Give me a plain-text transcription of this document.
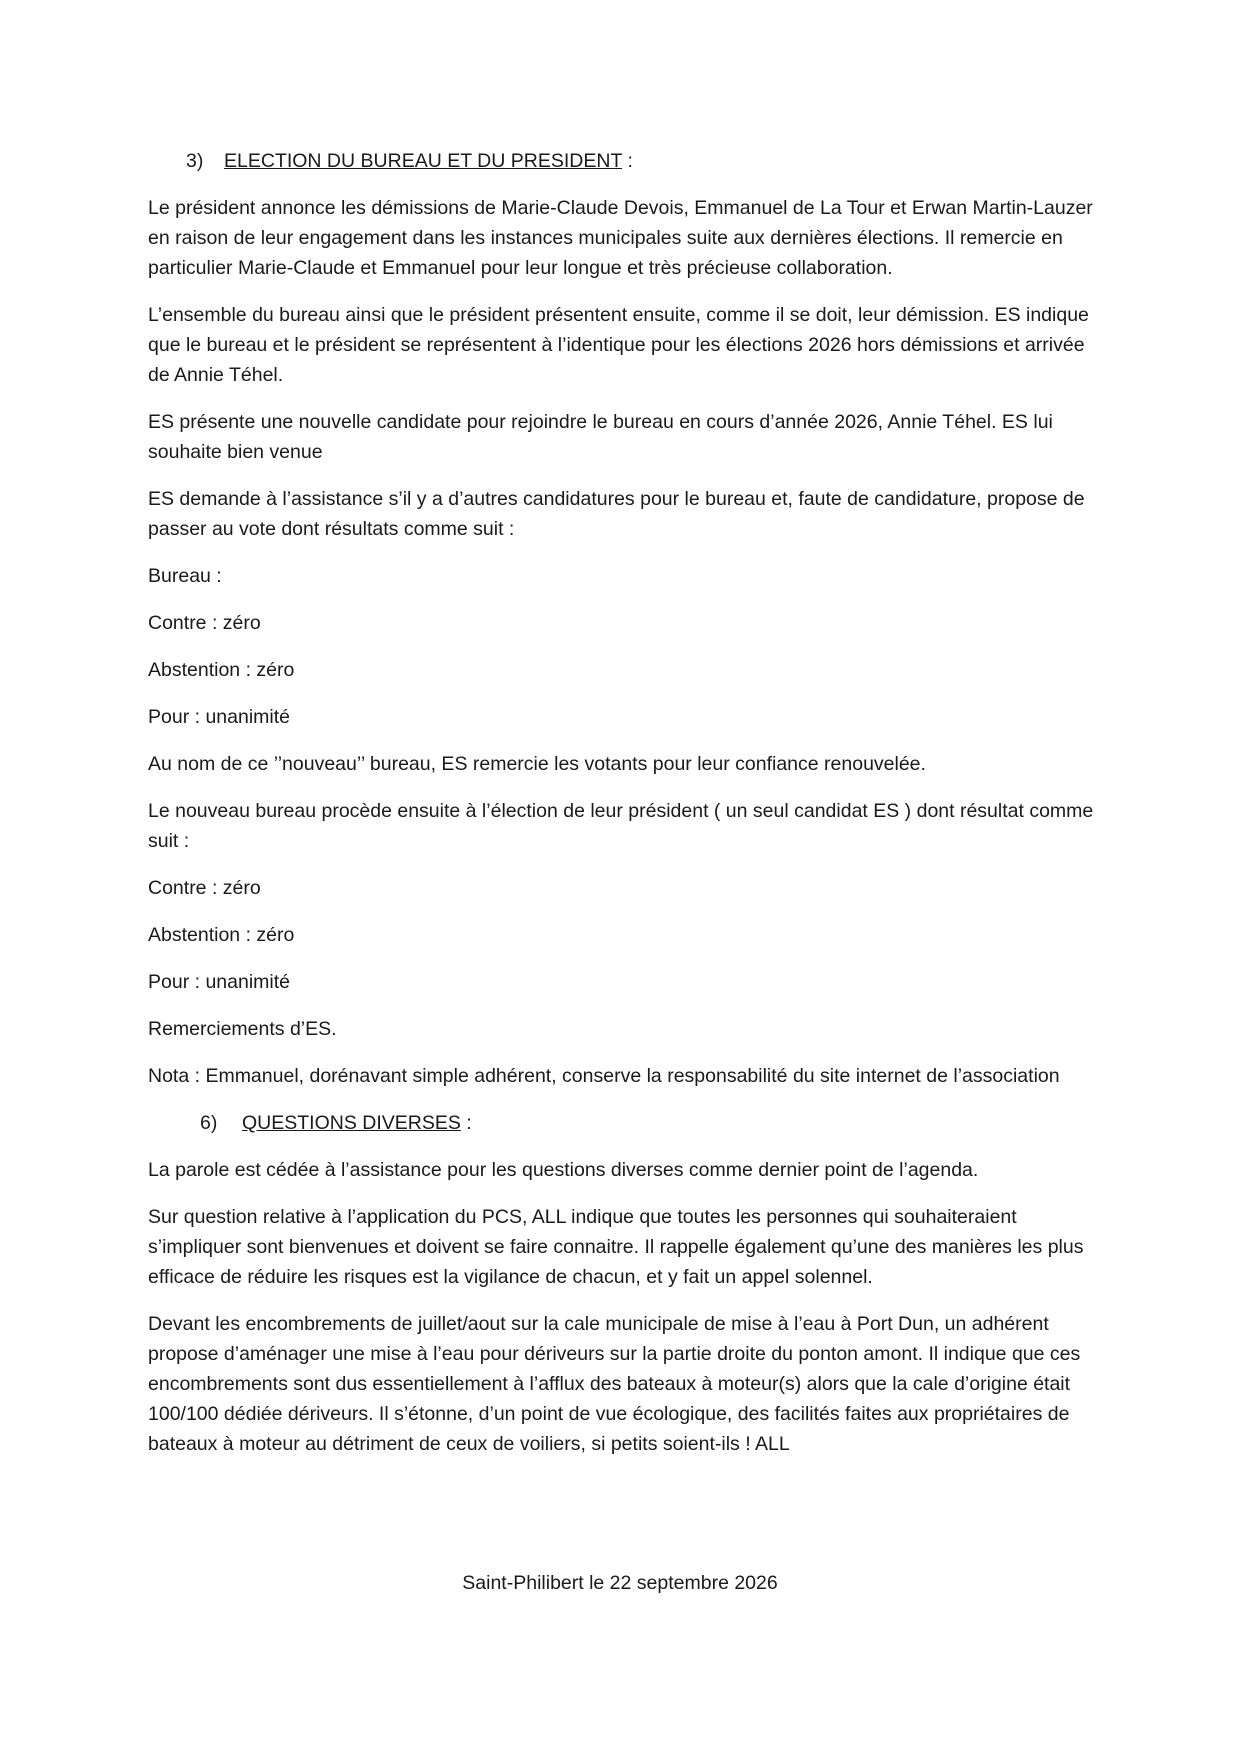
3) ELECTION DU BUREAU ET DU PRESIDENT :

Le président annonce les démissions de Marie-Claude Devois, Emmanuel de La Tour et Erwan Martin-Lauzer en raison de leur engagement dans les instances municipales suite aux dernières élections. Il remercie en particulier Marie-Claude et Emmanuel pour leur longue et très précieuse collaboration.

L’ensemble du bureau ainsi que le président présentent ensuite, comme il se doit, leur démission. ES indique que le bureau et le président se représentent à l’identique pour les élections 2026 hors démissions et arrivée de Annie Téhel.

ES présente une nouvelle candidate pour rejoindre le bureau en cours d’année 2026, Annie Téhel. ES lui souhaite bien venue

ES demande à l’assistance s’il y a d’autres candidatures pour le bureau et, faute de candidature, propose de passer au vote dont résultats comme suit :

Bureau :

Contre : zéro

Abstention : zéro

Pour : unanimité

Au nom de ce ’’nouveau’’ bureau, ES remercie les votants pour leur confiance renouvelée.

Le nouveau bureau procède ensuite à l’élection de leur président ( un seul candidat ES ) dont résultat comme suit :

Contre : zéro

Abstention : zéro

Pour : unanimité

Remerciements d’ES.

Nota : Emmanuel, dorénavant simple adhérent, conserve la responsabilité du site internet de l’association

6) QUESTIONS DIVERSES :

La parole est cédée à l’assistance pour les questions diverses comme dernier point de l’agenda.

Sur question relative à l’application du PCS, ALL indique que toutes les personnes qui souhaiteraient s’impliquer sont bienvenues et doivent se faire connaitre. Il rappelle également qu’une des manières les plus efficace de réduire les risques est la vigilance de chacun, et y fait un appel solennel.

Devant les encombrements de juillet/aout sur la cale municipale de mise à l’eau à Port Dun, un adhérent propose d’aménager une mise à l’eau pour dériveurs sur la partie droite du ponton amont. Il indique que ces encombrements sont dus essentiellement à l’afflux des bateaux à moteur(s) alors que la cale d’origine était 100/100 dédiée dériveurs. Il s’étonne, d’un point de vue écologique, des facilités faites aux propriétaires de bateaux à moteur au détriment de ceux de voiliers, si petits soient-ils ! ALL

Saint-Philibert le 22 septembre 2026
